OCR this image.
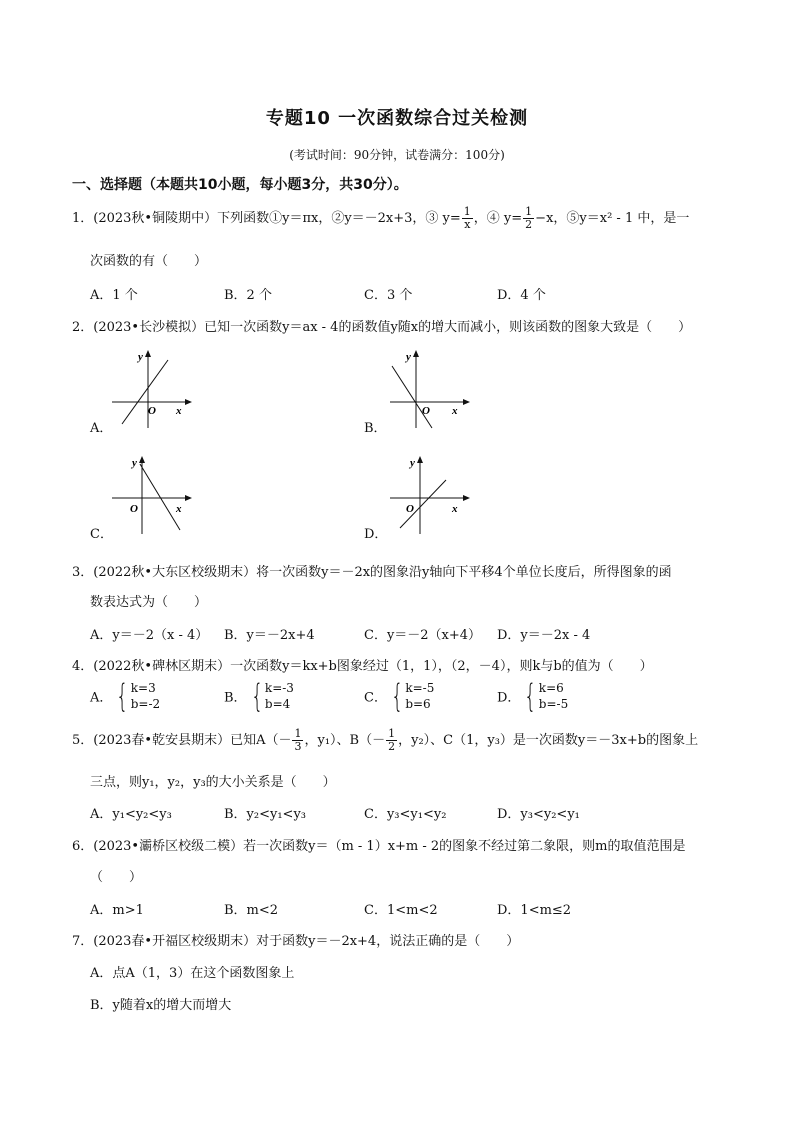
专题10 一次函数综合过关检测
(考试时间：90分钟，试卷满分：100分)
一、选择题（本题共10小题，每小题3分，共30分）。
1．(2023秋•铜陵期中）下列函数①y＝πx，②y＝－2x+3，③ $y= \frac{1}{x}$ ，④ $y= \frac{1}{2} -x$，⑤y＝x² - 1 中，是一
次函数的有（　　）
A．1 个	B．2 个	C．3 个	D．4 个
2．(2023•长沙模拟）已知一次函数y＝ax - 4的函数值y随x的增大而减小，则该函数的图象大致是（　　）
A．	B．
C．	D．
y
x
O
y
x
O
y
x
O
y
x
O
3．(2022秋•大东区校级期末）将一次函数y＝－2x的图象沿y轴向下平移4个单位长度后，所得图象的函
数表达式为（　　）
A．y＝－2（x - 4） B．y＝－2x+4	C．y＝－2（x+4） D．y＝－2x - 4
4．(2022秋•碑林区期末）一次函数y＝kx+b图象经过（1，1），（2，－4），则k与b的值为（　　）
A． { k=3
b=-2	B． { k=-3
b=4	C． { k=-5
b=6	D． { k=6
b=-5
5．(2023春•乾安县期末）已知$A(- \frac{1}{3}$ ，y₁）、$B(- \frac{1}{2}$ ，y₂）、C（1，y₃）是一次函数y＝－3x+b的图象上
三点，则y₁，y₂，y₃的大小关系是（　　）
A．y₁<y₂<y₃	B．y₂<y₁<y₃	C．y₃<y₁<y₂	D．y₃<y₂<y₁
6．(2023•灞桥区校级二模）若一次函数y＝（m - 1）x+m - 2的图象不经过第二象限，则m的取值范围是
（　　）
A．m>1	B．m<2	C．1<m<2	D．1<m≤2
7．(2023春•开福区校级期末）对于函数y＝－2x+4，说法正确的是（　　）
A．点A（1，3）在这个函数图象上
B．y随着x的增大而增大
